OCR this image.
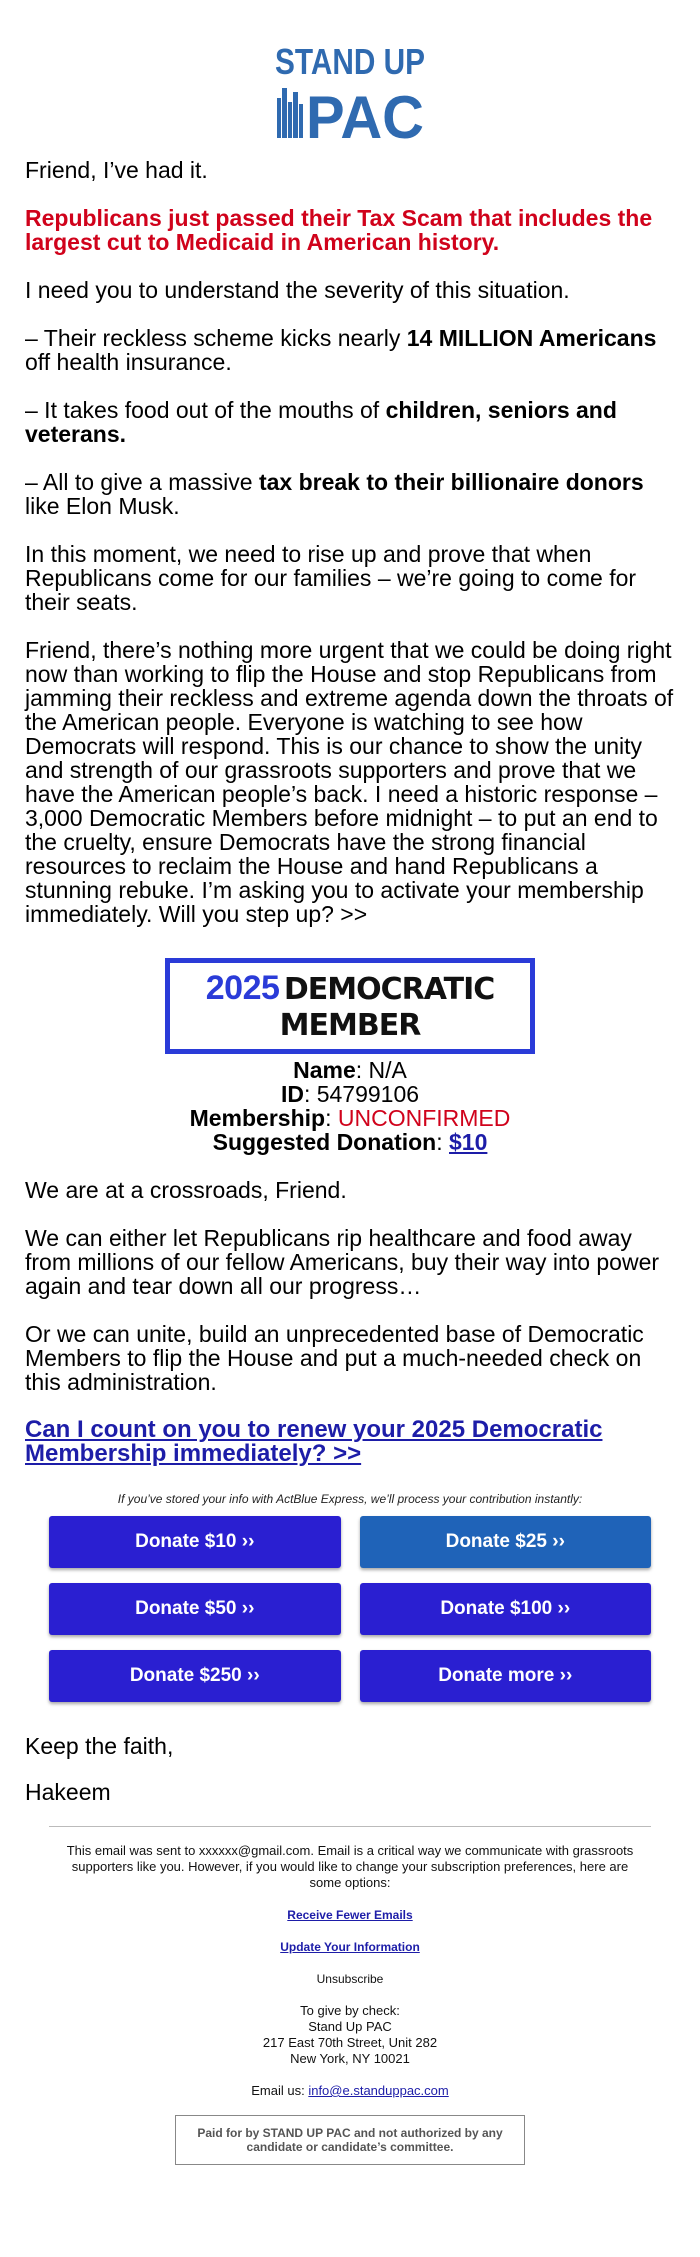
STAND UP
PAC

Friend, I’ve had it.

Republicans just passed their Tax Scam that includes the largest cut to Medicaid in American history.

I need you to understand the severity of this situation.

– Their reckless scheme kicks nearly 14 MILLION Americans off health insurance.

– It takes food out of the mouths of children, seniors and veterans.

– All to give a massive tax break to their billionaire donors like Elon Musk.

In this moment, we need to rise up and prove that when Republicans come for our families – we’re going to come for their seats.

Friend, there’s nothing more urgent that we could be doing right now than working to flip the House and stop Republicans from jamming their reckless and extreme agenda down the throats of the American people. Everyone is watching to see how Democrats will respond. This is our chance to show the unity and strength of our grassroots supporters and prove that we have the American people’s back. I need a historic response – 3,000 Democratic Members before midnight – to put an end to the cruelty, ensure Democrats have the strong financial resources to reclaim the House and hand Republicans a stunning rebuke. I’m asking you to activate your membership immediately. Will you step up? >>

2025 DEMOCRATIC MEMBER
Name: N/A
ID: 54799106
Membership: UNCONFIRMED
Suggested Donation: $10

We are at a crossroads, Friend.

We can either let Republicans rip healthcare and food away from millions of our fellow Americans, buy their way into power again and tear down all our progress…

Or we can unite, build an unprecedented base of Democratic Members to flip the House and put a much-needed check on this administration.

Can I count on you to renew your 2025 Democratic Membership immediately? >>

If you’ve stored your info with ActBlue Express, we’ll process your contribution instantly:
Donate $10 ››	Donate $25 ››
Donate $50 ››	Donate $100 ››
Donate $250 ››	Donate more ››

Keep the faith,

Hakeem

This email was sent to xxxxxx@gmail.com. Email is a critical way we communicate with grassroots supporters like you. However, if you would like to change your subscription preferences, here are some options:

Receive Fewer Emails

Update Your Information

Unsubscribe

To give by check:
Stand Up PAC
217 East 70th Street, Unit 282
New York, NY 10021

Email us: info@e.standuppac.com

Paid for by STAND UP PAC and not authorized by any candidate or candidate’s committee.
